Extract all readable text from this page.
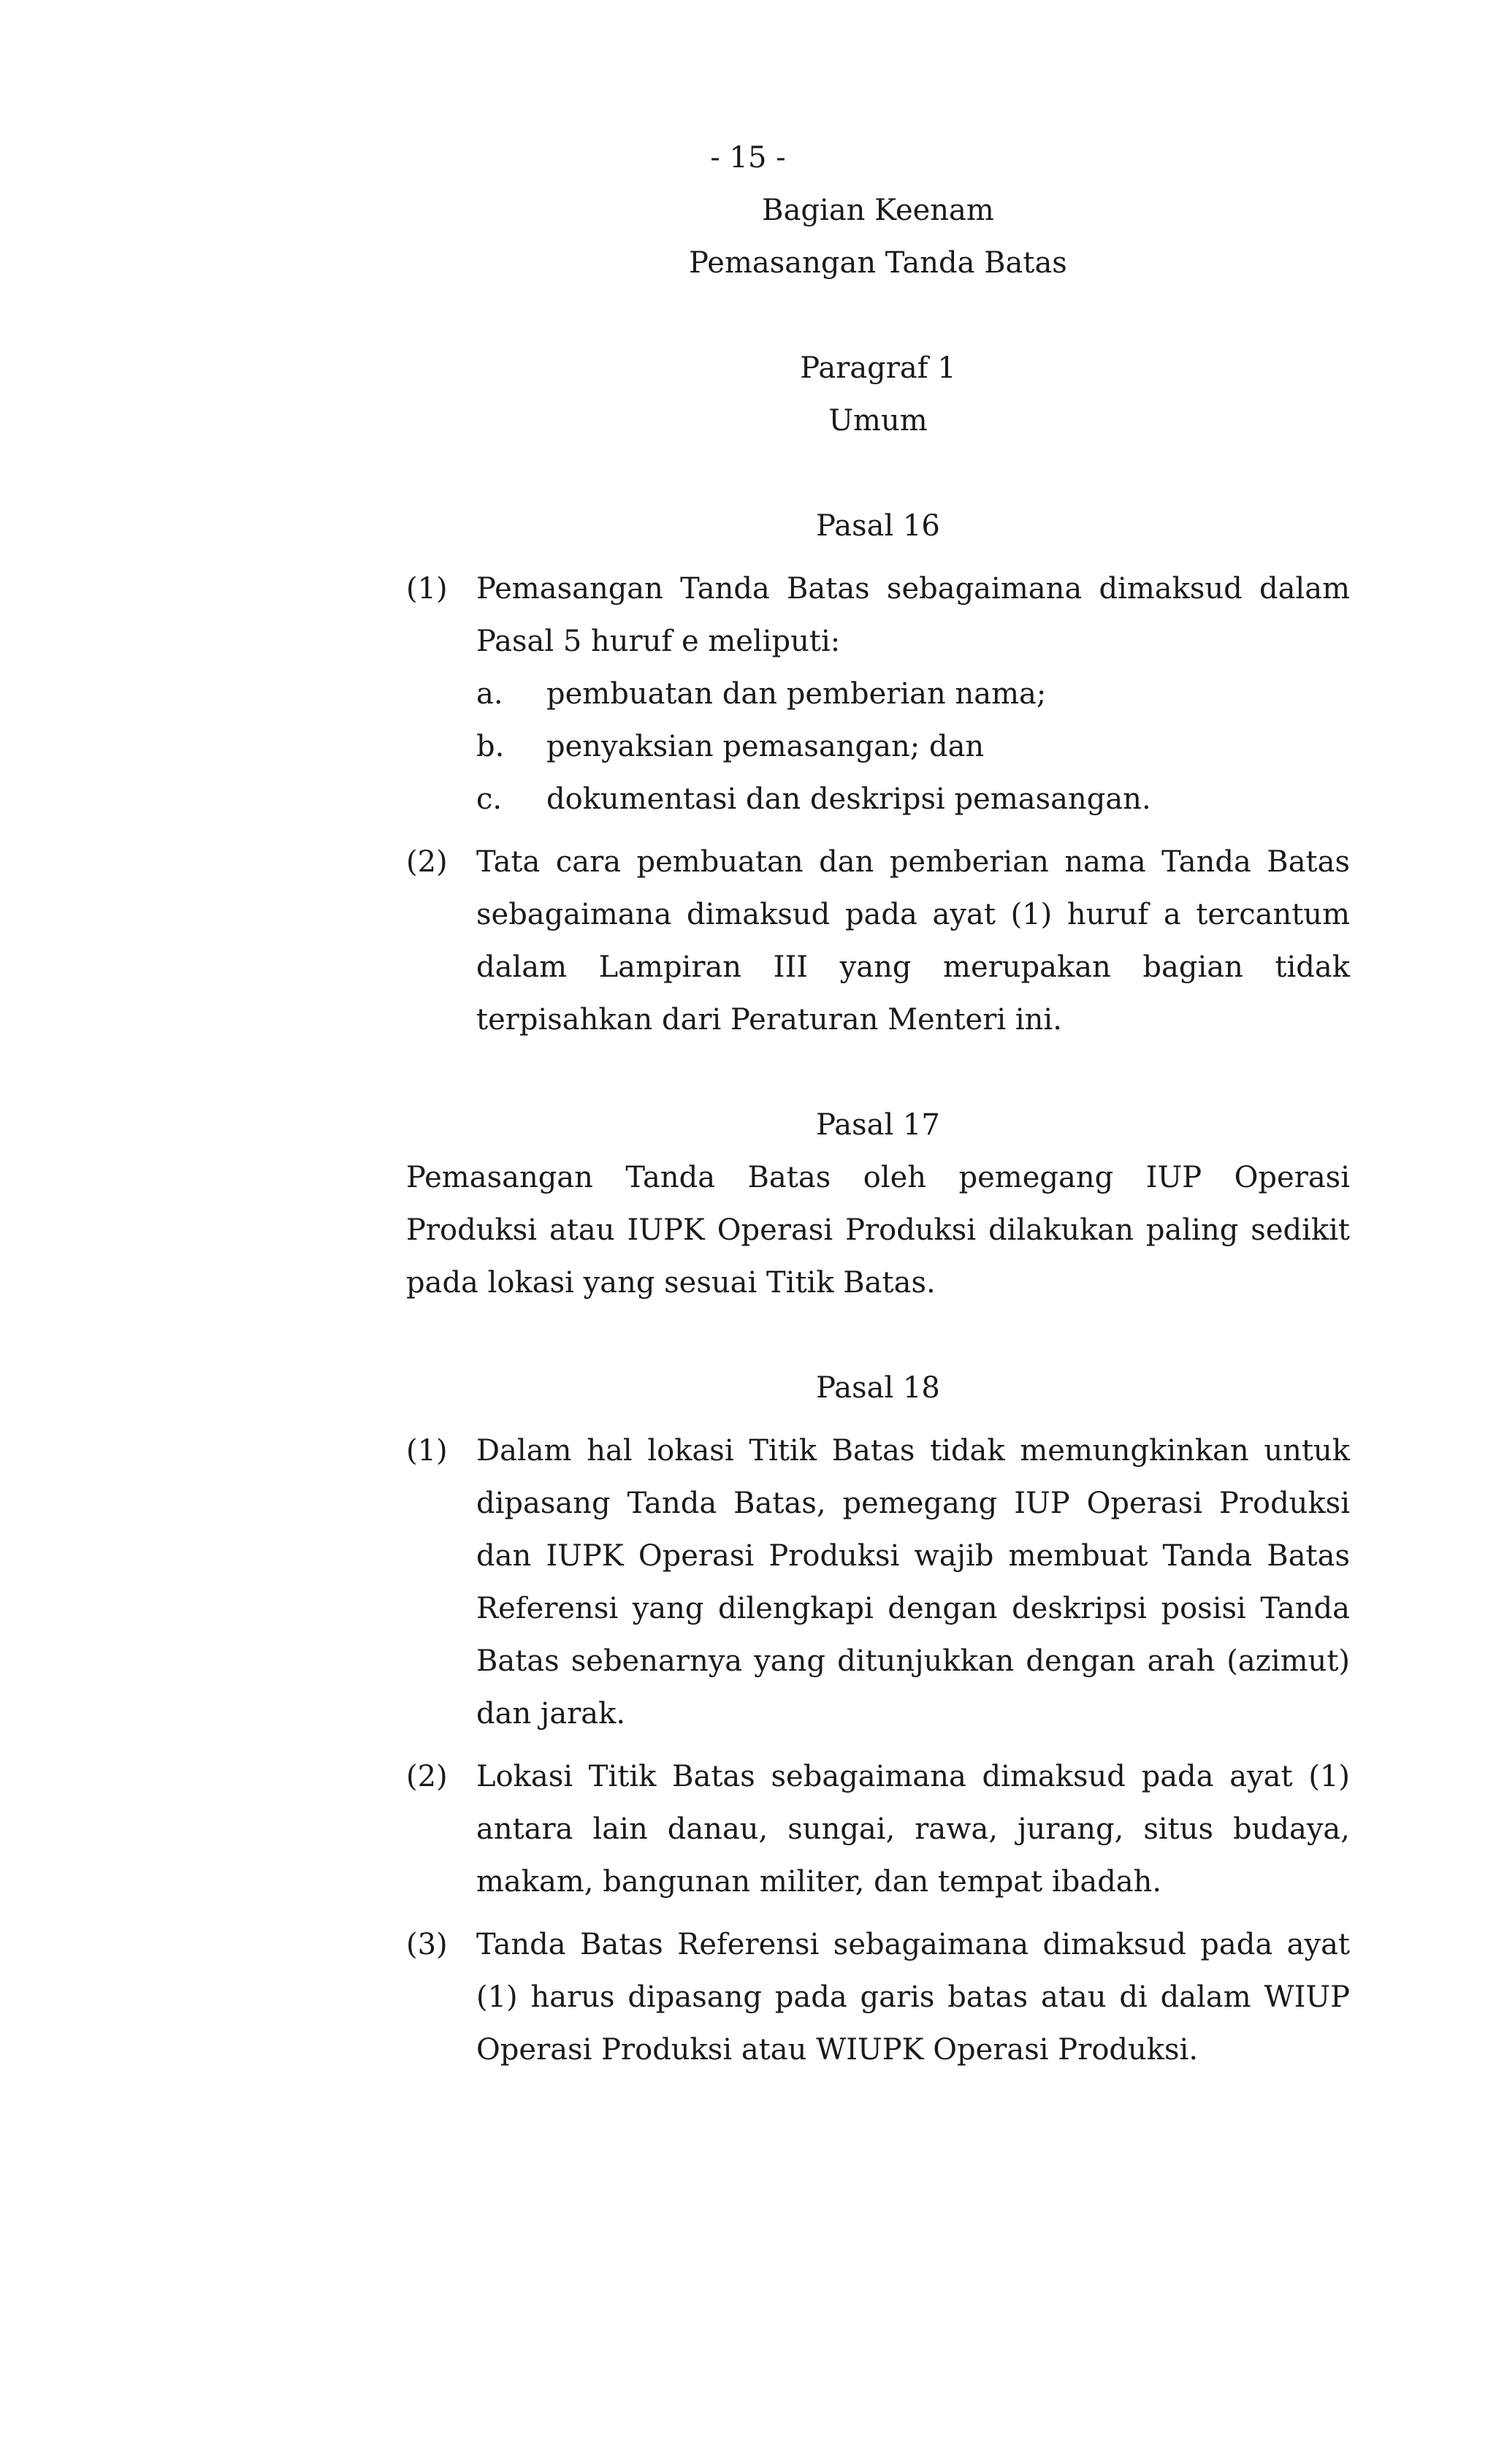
- 15 -

Bagian Keenam

Pemasangan Tanda Batas

Paragraf 1

Umum

Pasal 16

(1) Pemasangan Tanda Batas sebagaimana dimaksud dalam Pasal 5 huruf e meliputi:
a.	pembuatan dan pemberian nama;
b.	penyaksian pemasangan; dan
c.	dokumentasi dan deskripsi pemasangan.
(2) Tata cara pembuatan dan pemberian nama Tanda Batas sebagaimana dimaksud pada ayat (1) huruf a tercantum dalam Lampiran III yang merupakan bagian tidak terpisahkan dari Peraturan Menteri ini.

Pasal 17

Pemasangan Tanda Batas oleh pemegang IUP Operasi Produksi atau IUPK Operasi Produksi dilakukan paling sedikit pada lokasi yang sesuai Titik Batas.

Pasal 18

(1) Dalam hal lokasi Titik Batas tidak memungkinkan untuk dipasang Tanda Batas, pemegang IUP Operasi Produksi dan IUPK Operasi Produksi wajib membuat Tanda Batas Referensi yang dilengkapi dengan deskripsi posisi Tanda Batas sebenarnya yang ditunjukkan dengan arah (azimut) dan jarak.
(2) Lokasi Titik Batas sebagaimana dimaksud pada ayat (1) antara lain danau, sungai, rawa, jurang, situs budaya, makam, bangunan militer, dan tempat ibadah.
(3) Tanda Batas Referensi sebagaimana dimaksud pada ayat (1) harus dipasang pada garis batas atau di dalam WIUP Operasi Produksi atau WIUPK Operasi Produksi.
